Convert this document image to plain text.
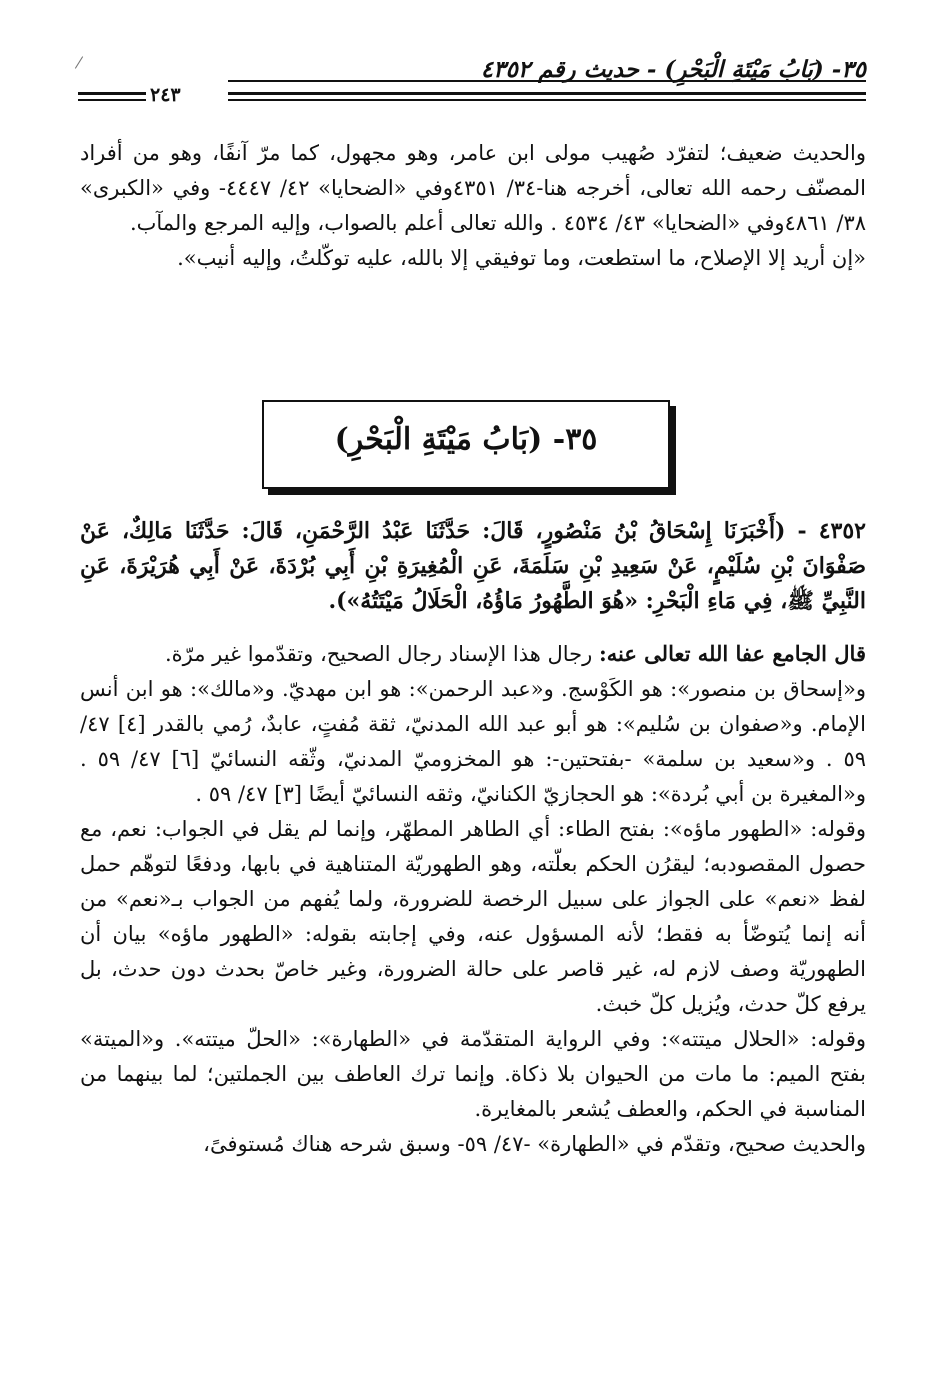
٣٥- (بَابُ مَيْتَةِ الْبَحْرِ) - حديث رقم ٤٣٥٢
٢٤٣

والحديث ضعيف؛ لتفرّد صُهيب مولى ابن عامر، وهو مجهول، كما مرّ آنفًا، وهو من أفراد المصنّف رحمه الله تعالى، أخرجه هنا-٣٤/ ٤٣٥١وفي «الضحايا» ٤٢/ ٤٤٤٧- وفي «الكبرى» ٣٨/ ٤٨٦١وفي «الضحايا» ٤٣/ ٤٥٣٤ . والله تعالى أعلم بالصواب، وإليه المرجع والمآب.

«إن أريد إلا الإصلاح، ما استطعت، وما توفيقي إلا بالله، عليه توكّلتُ، وإليه أنيب».

٣٥- (بَابُ مَيْتَةِ الْبَحْرِ)

٤٣٥٢ - (أَخْبَرَنَا إِسْحَاقُ بْنُ مَنْصُورٍ، قَالَ: حَدَّثَنَا عَبْدُ الرَّحْمَنِ، قَالَ: حَدَّثَنَا مَالِكٌ، عَنْ صَفْوَانَ بْنِ سُلَيْمٍ، عَنْ سَعِيدِ بْنِ سَلَمَةَ، عَنِ الْمُغِيرَةِ بْنِ أَبِي بُرْدَةَ، عَنْ أَبِي هُرَيْرَةَ، عَنِ النَّبِيِّ ﷺ، فِي مَاءِ الْبَحْرِ: «هُوَ الطَّهُورُ مَاؤُهُ، الْحَلَالُ مَيْتَتُهُ»).

قال الجامع عفا الله تعالى عنه: رجال هذا الإسناد رجال الصحيح، وتقدّموا غير مرّة.

و«إسحاق بن منصور»: هو الكَوْسج. و«عبد الرحمن»: هو ابن مهديّ. و«مالك»: هو ابن أنس الإمام. و«صفوان بن سُليم»: هو أبو عبد الله المدنيّ، ثقة مُفتٍ، عابدٌ، رُمي بالقدر [٤] ٤٧/ ٥٩ . و«سعيد بن سلمة» -بفتحتين-: هو المخزوميّ المدنيّ، وثّقه النسائيّ [٦] ٤٧/ ٥٩ . و«المغيرة بن أبي بُردة»: هو الحجازيّ الكنانيّ، وثقه النسائيّ أيضًا [٣] ٤٧/ ٥٩ .

وقوله: «الطهور ماؤه»: بفتح الطاء: أي الطاهر المطهّر، وإنما لم يقل في الجواب: نعم، مع حصول المقصودبه؛ ليقرُن الحكم بعلّته، وهو الطهوريّة المتناهية في بابها، ودفعًا لتوهّم حمل لفظ «نعم» على الجواز على سبيل الرخصة للضرورة، ولما يُفهم من الجواب بـ«نعم» من أنه إنما يُتوضّأ به فقط؛ لأنه المسؤول عنه، وفي إجابته بقوله: «الطهور ماؤه» بيان أن الطهوريّة وصف لازم له، غير قاصر على حالة الضرورة، وغير خاصّ بحدث دون حدث، بل يرفع كلّ حدث، ويُزيل كلّ خبث.

وقوله: «الحلال ميتته»: وفي الرواية المتقدّمة في «الطهارة»: «الحلّ ميتته». و«الميتة» بفتح الميم: ما مات من الحيوان بلا ذكاة. وإنما ترك العاطف بين الجملتين؛ لما بينهما من المناسبة في الحكم، والعطف يُشعر بالمغايرة.

والحديث صحيح، وتقدّم في «الطهارة» -٤٧/ ٥٩- وسبق شرحه هناك مُستوفىً،
